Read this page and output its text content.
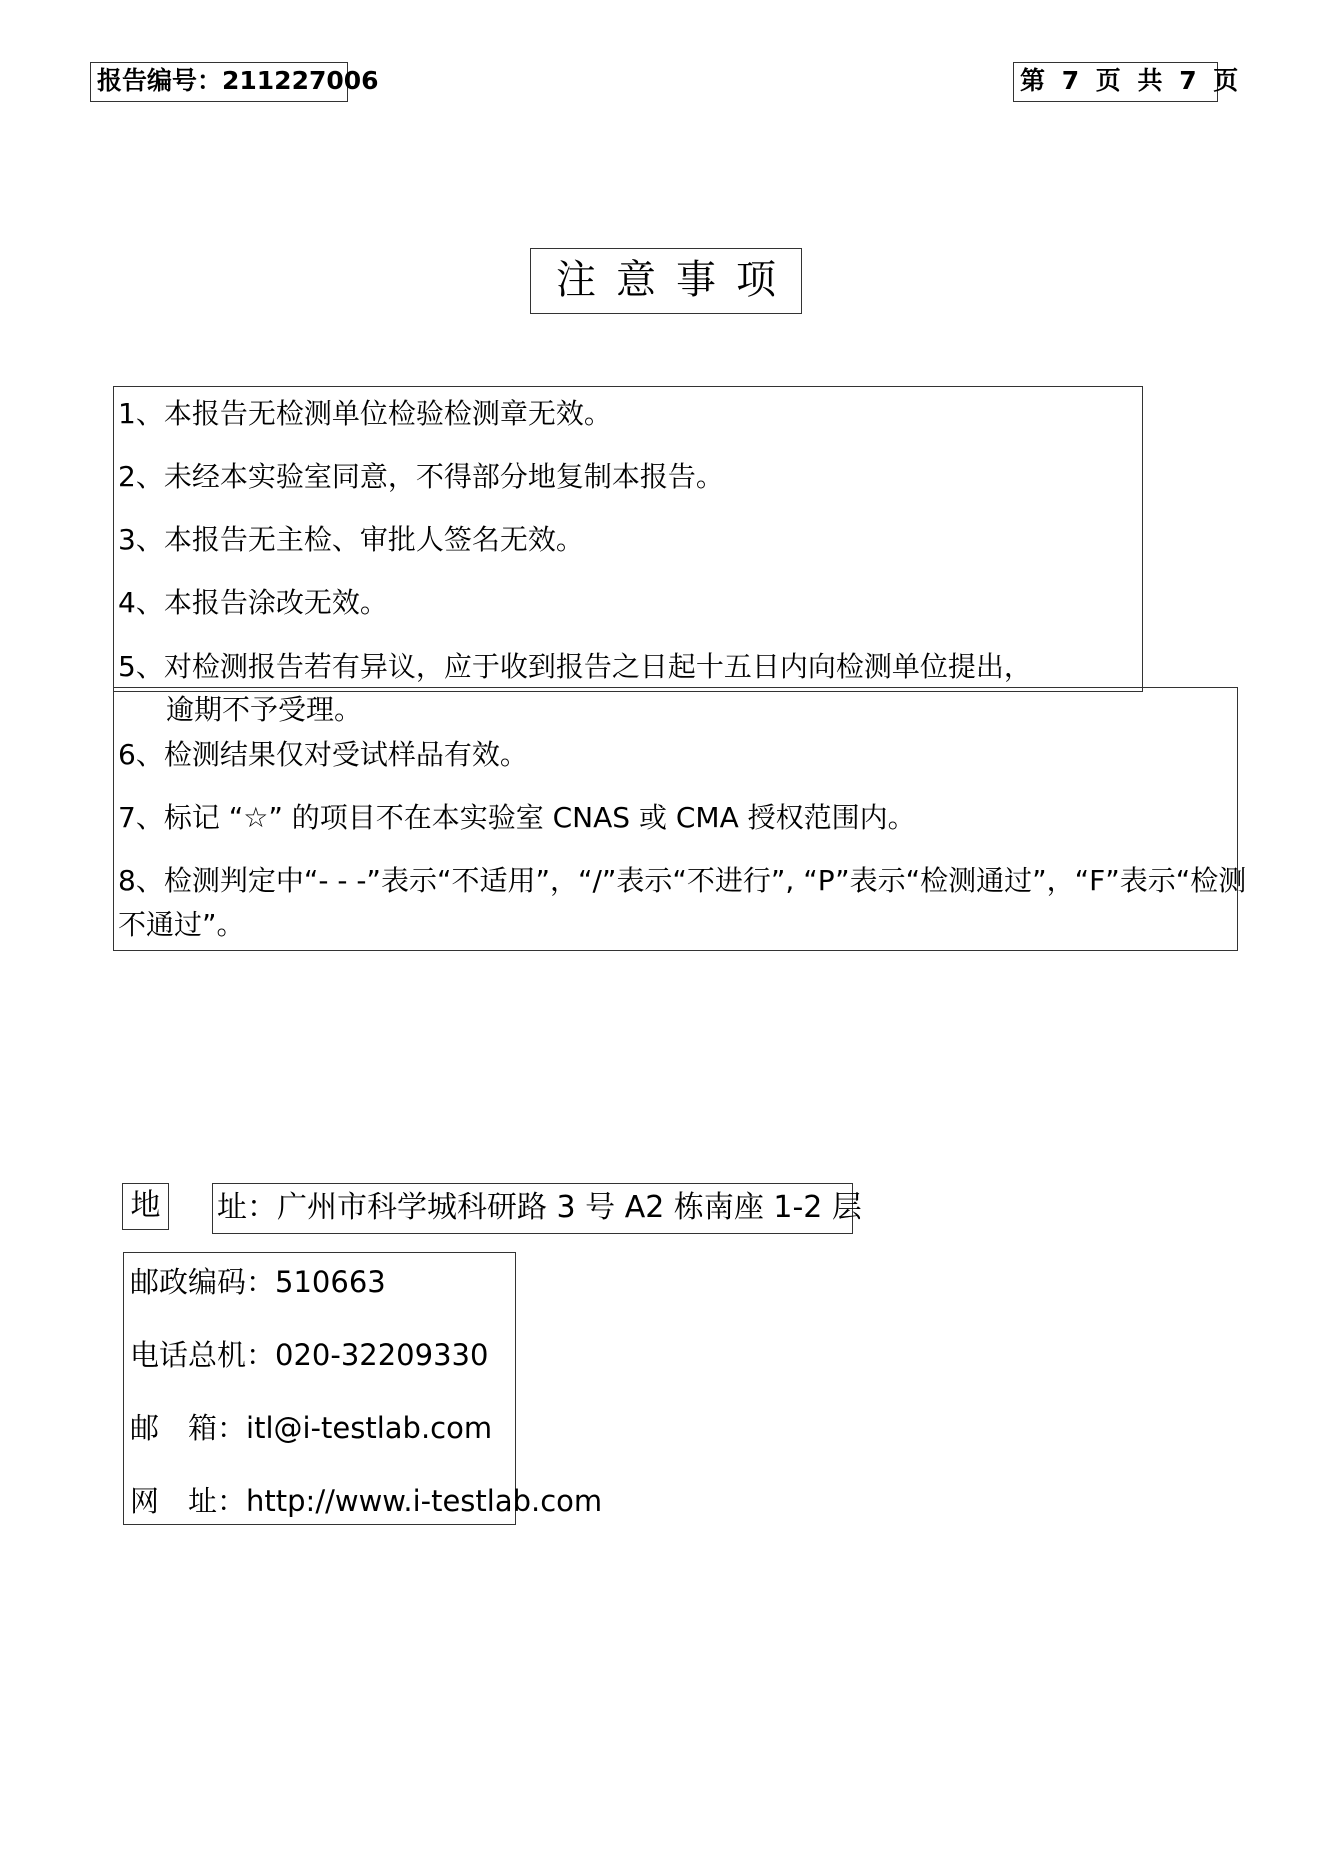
报告编号：211227006	第 7 页 共 7 页
注意事项
1、本报告无检测单位检验检测章无效。
2、未经本实验室同意，不得部分地复制本报告。
3、本报告无主检、审批人签名无效。
4、本报告涂改无效。
5、对检测报告若有异议，应于收到报告之日起十五日内向检测单位提出，
逾期不予受理。
6、检测结果仅对受试样品有效。
7、标记 “☆” 的项目不在本实验室 CNAS 或 CMA 授权范围内。
8、检测判定中“- - -”表示“不适用”，“/”表示“不进行”, “P”表示“检测通过”，“F”表示“检测
不通过”。
地 址：广州市科学城科研路 3 号 A2 栋南座 1-2 层
邮政编码：510663
电话总机：020-32209330
邮　箱：itl@i-testlab.com
网　址：http://www.i-testlab.com
